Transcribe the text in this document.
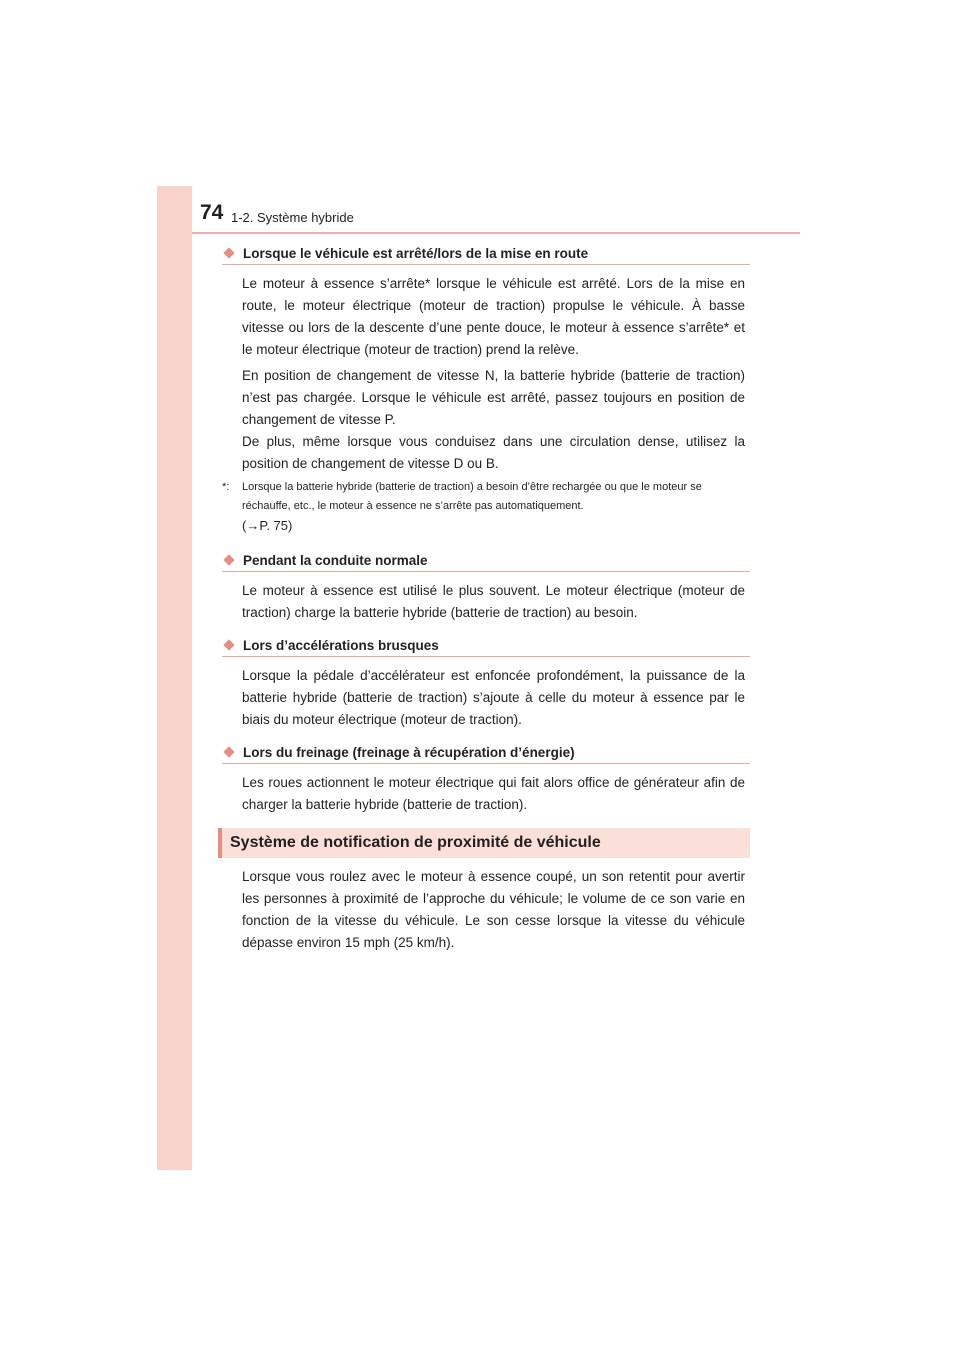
74 1-2. Système hybride
Lorsque le véhicule est arrêté/lors de la mise en route

Le moteur à essence s’arrête* lorsque le véhicule est arrêté. Lors de la mise en route, le moteur électrique (moteur de traction) propulse le véhicule. À basse vitesse ou lors de la descente d’une pente douce, le moteur à essence s’arrête* et le moteur électrique (moteur de traction) prend la relève.

En position de changement de vitesse N, la batterie hybride (batterie de traction) n’est pas chargée. Lorsque le véhicule est arrêté, passez toujours en position de changement de vitesse P.

De plus, même lorsque vous conduisez dans une circulation dense, utilisez la position de changement de vitesse D ou B.

*:	Lorsque la batterie hybride (batterie de traction) a besoin d’être rechargée ou que le moteur se réchauffe, etc., le moteur à essence ne s’arrête pas automatiquement.
(→P. 75)
Pendant la conduite normale

Le moteur à essence est utilisé le plus souvent. Le moteur électrique (moteur de traction) charge la batterie hybride (batterie de traction) au besoin.

Lors d’accélérations brusques

Lorsque la pédale d’accélérateur est enfoncée profondément, la puissance de la batterie hybride (batterie de traction) s’ajoute à celle du moteur à essence par le biais du moteur électrique (moteur de traction).

Lors du freinage (freinage à récupération d’énergie)

Les roues actionnent le moteur électrique qui fait alors office de générateur afin de charger la batterie hybride (batterie de traction).

Système de notification de proximité de véhicule

Lorsque vous roulez avec le moteur à essence coupé, un son retentit pour avertir les personnes à proximité de l’approche du véhicule; le volume de ce son varie en fonction de la vitesse du véhicule. Le son cesse lorsque la vitesse du véhicule dépasse environ 15 mph (25 km/h).
